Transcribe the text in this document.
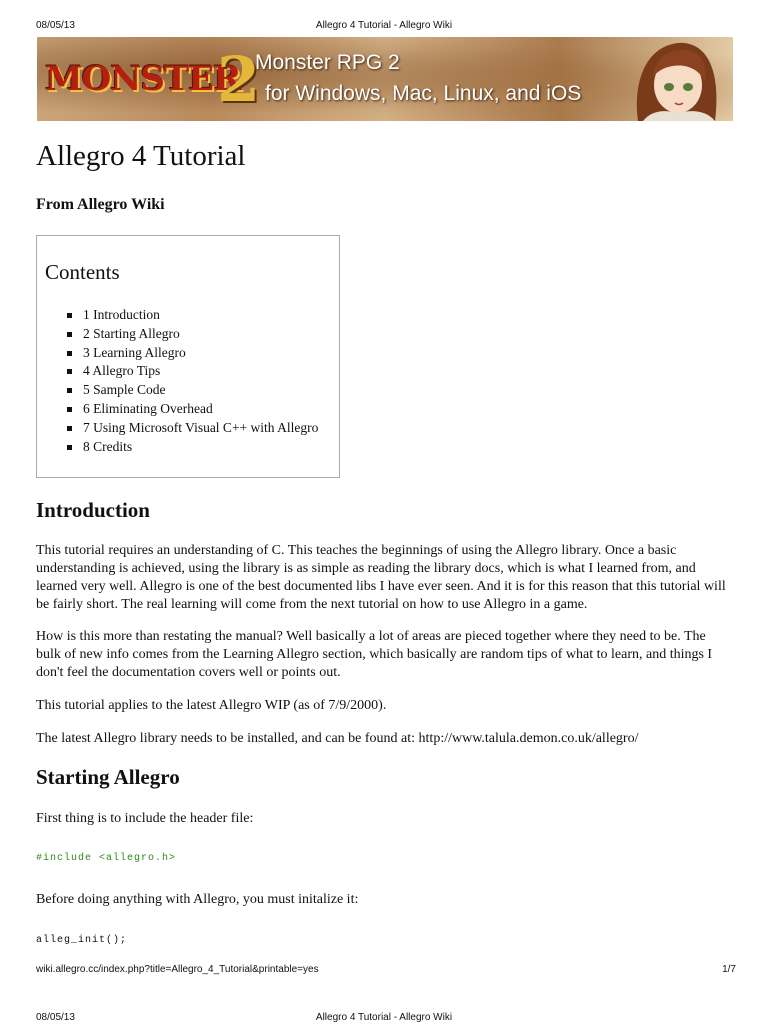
08/05/13	Allegro 4 Tutorial - Allegro Wiki
MONSTER
2
Monster RPG 2
for Windows, Mac, Linux, and iOS
Allegro 4 Tutorial
From Allegro Wiki
Contents
1 Introduction
2 Starting Allegro
3 Learning Allegro
4 Allegro Tips
5 Sample Code
6 Eliminating Overhead
7 Using Microsoft Visual C++ with Allegro
8 Credits
Introduction

This tutorial requires an understanding of C. This teaches the beginnings of using the Allegro library. Once a basic understanding is achieved, using the library is as simple as reading the library docs, which is what I learned from, and learned very well. Allegro is one of the best documented libs I have ever seen. And it is for this reason that this tutorial will be fairly short. The real learning will come from the next tutorial on how to use Allegro in a game.

How is this more than restating the manual? Well basically a lot of areas are pieced together where they need to be. The bulk of new info comes from the Learning Allegro section, which basically are random tips of what to learn, and things I don't feel the documentation covers well or points out.

This tutorial applies to the latest Allegro WIP (as of 7/9/2000).

The latest Allegro library needs to be installed, and can be found at: http://www.talula.demon.co.uk/allegro/

Starting Allegro

First thing is to include the header file:

#include <allegro.h>

Before doing anything with Allegro, you must initalize it:

alleg_init();
wiki.allegro.cc/index.php?title=Allegro_4_Tutorial&printable=yes	1/7
08/05/13	Allegro 4 Tutorial - Allegro Wiki
